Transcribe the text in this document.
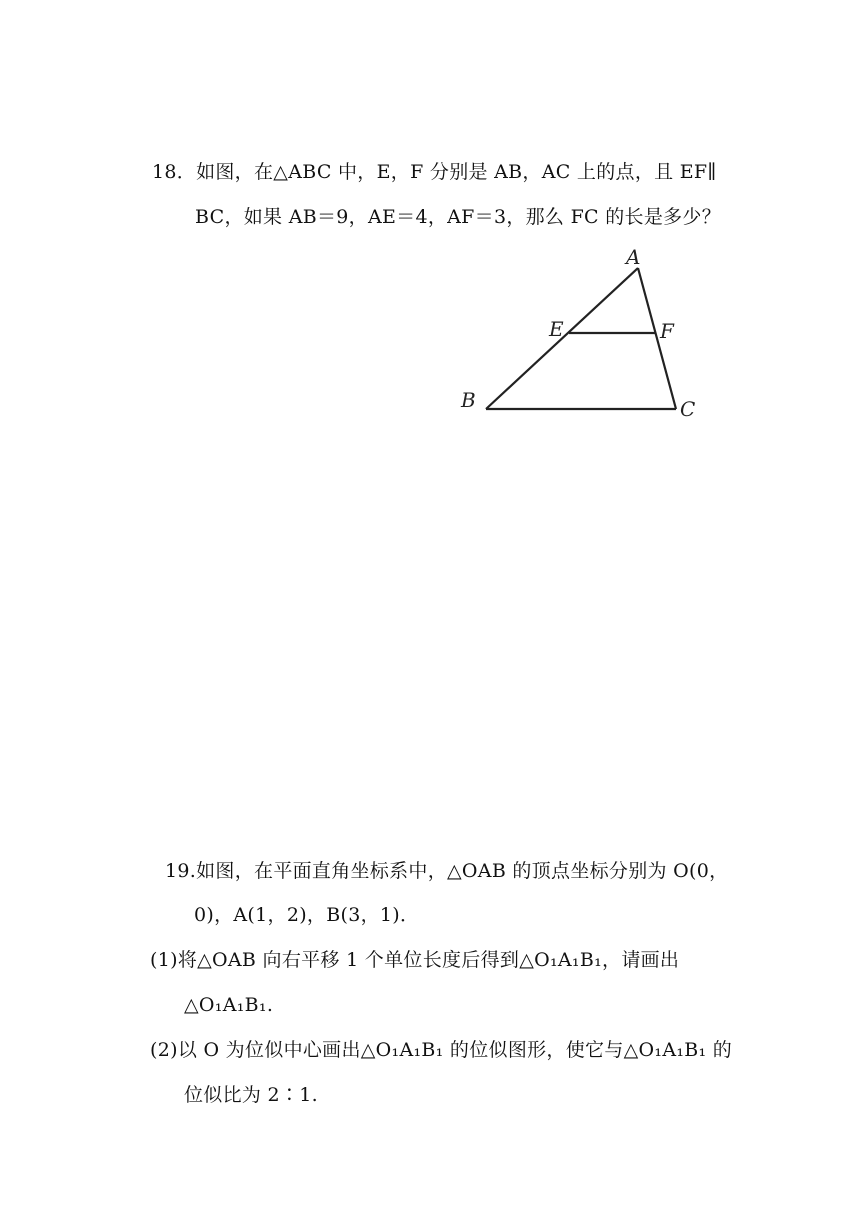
18．如图，在△ABC 中，E，F 分别是 AB，AC 上的点，且 EF∥
BC，如果 AB＝9，AE＝4，AF＝3，那么 FC 的长是多少？
A
E	F
B	C
19.如图，在平面直角坐标系中，△OAB 的顶点坐标分别为 O(0，
0)，A(1，2)，B(3，1)．
(1)将△OAB 向右平移 1 个单位长度后得到△O₁A₁B₁，请画出
△O₁A₁B₁.
(2)以 O 为位似中心画出△O₁A₁B₁ 的位似图形，使它与△O₁A₁B₁ 的
位似比为 2∶1.
